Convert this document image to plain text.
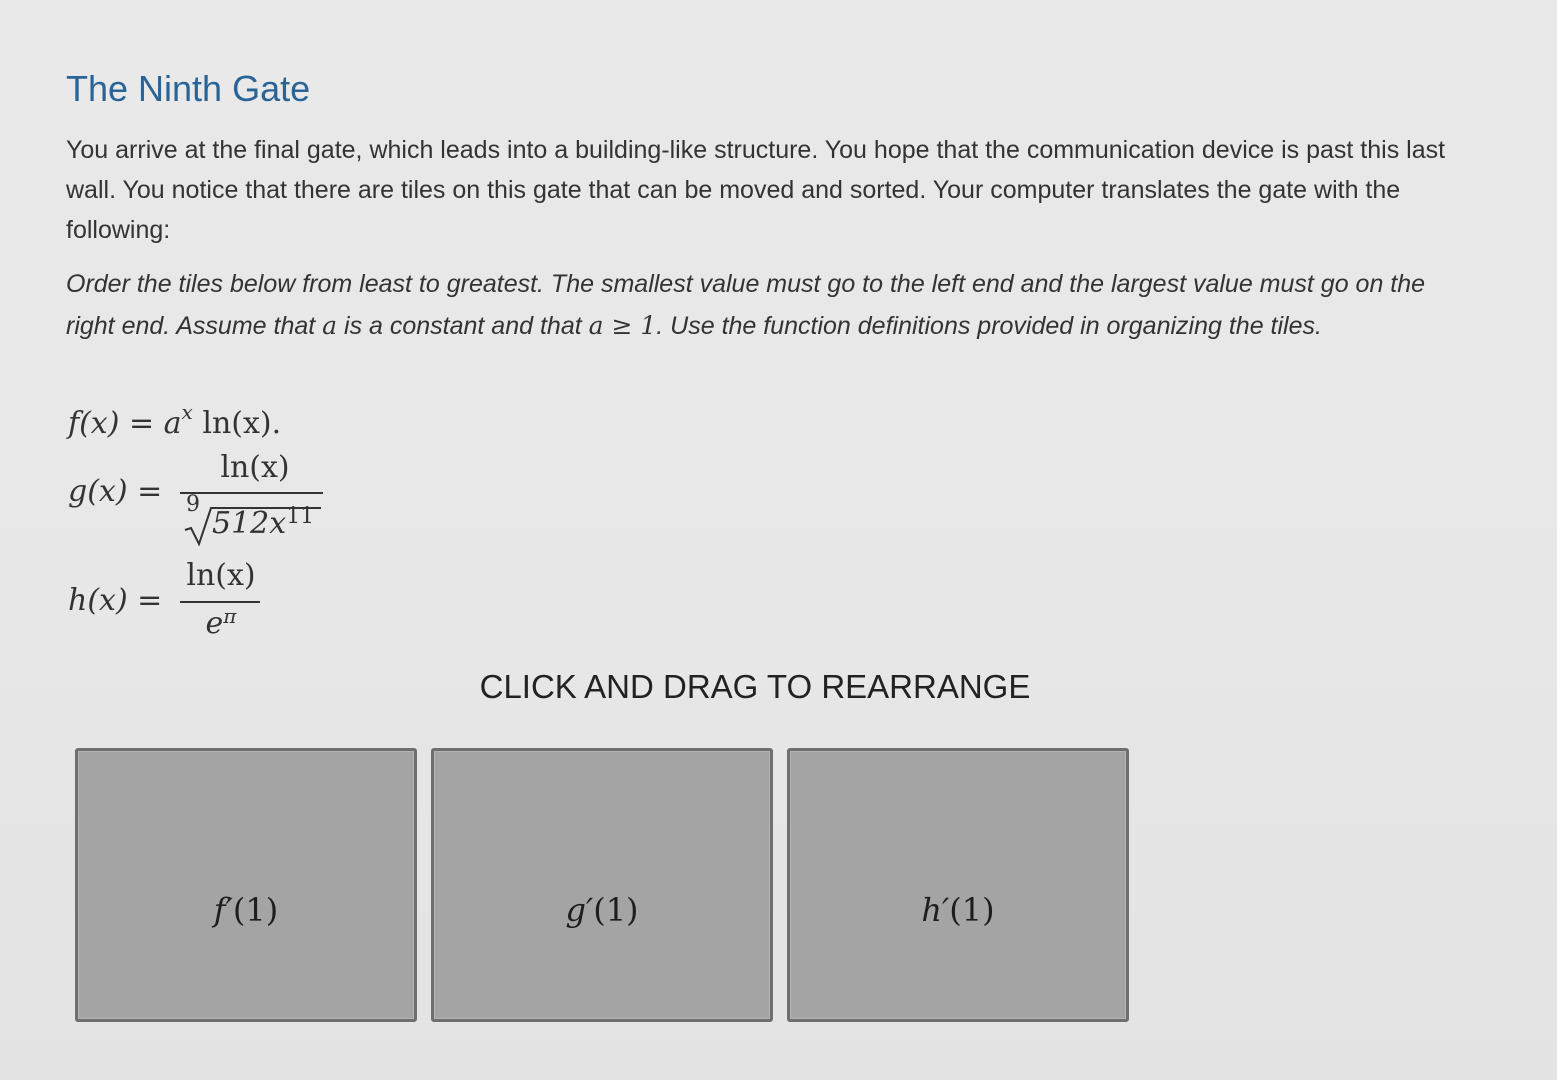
The Ninth Gate

You arrive at the final gate, which leads into a building-like structure. You hope that the communication device is past this last wall. You notice that there are tiles on this gate that can be moved and sorted. Your computer translates the gate with the following:

Order the tiles below from least to greatest. The smallest value must go to the left end and the largest value must go on the right end. Assume that a is a constant and that a ≥ 1. Use the function definitions provided in organizing the tiles.

$f(x) = a^x$ ln(x).
g(x) =
ln(x)
9
$512x^{11}$
h(x) =
ln(x)
$e^\pi$
CLICK AND DRAG TO REARRANGE
f′(1)	g′(1)	h′(1)
